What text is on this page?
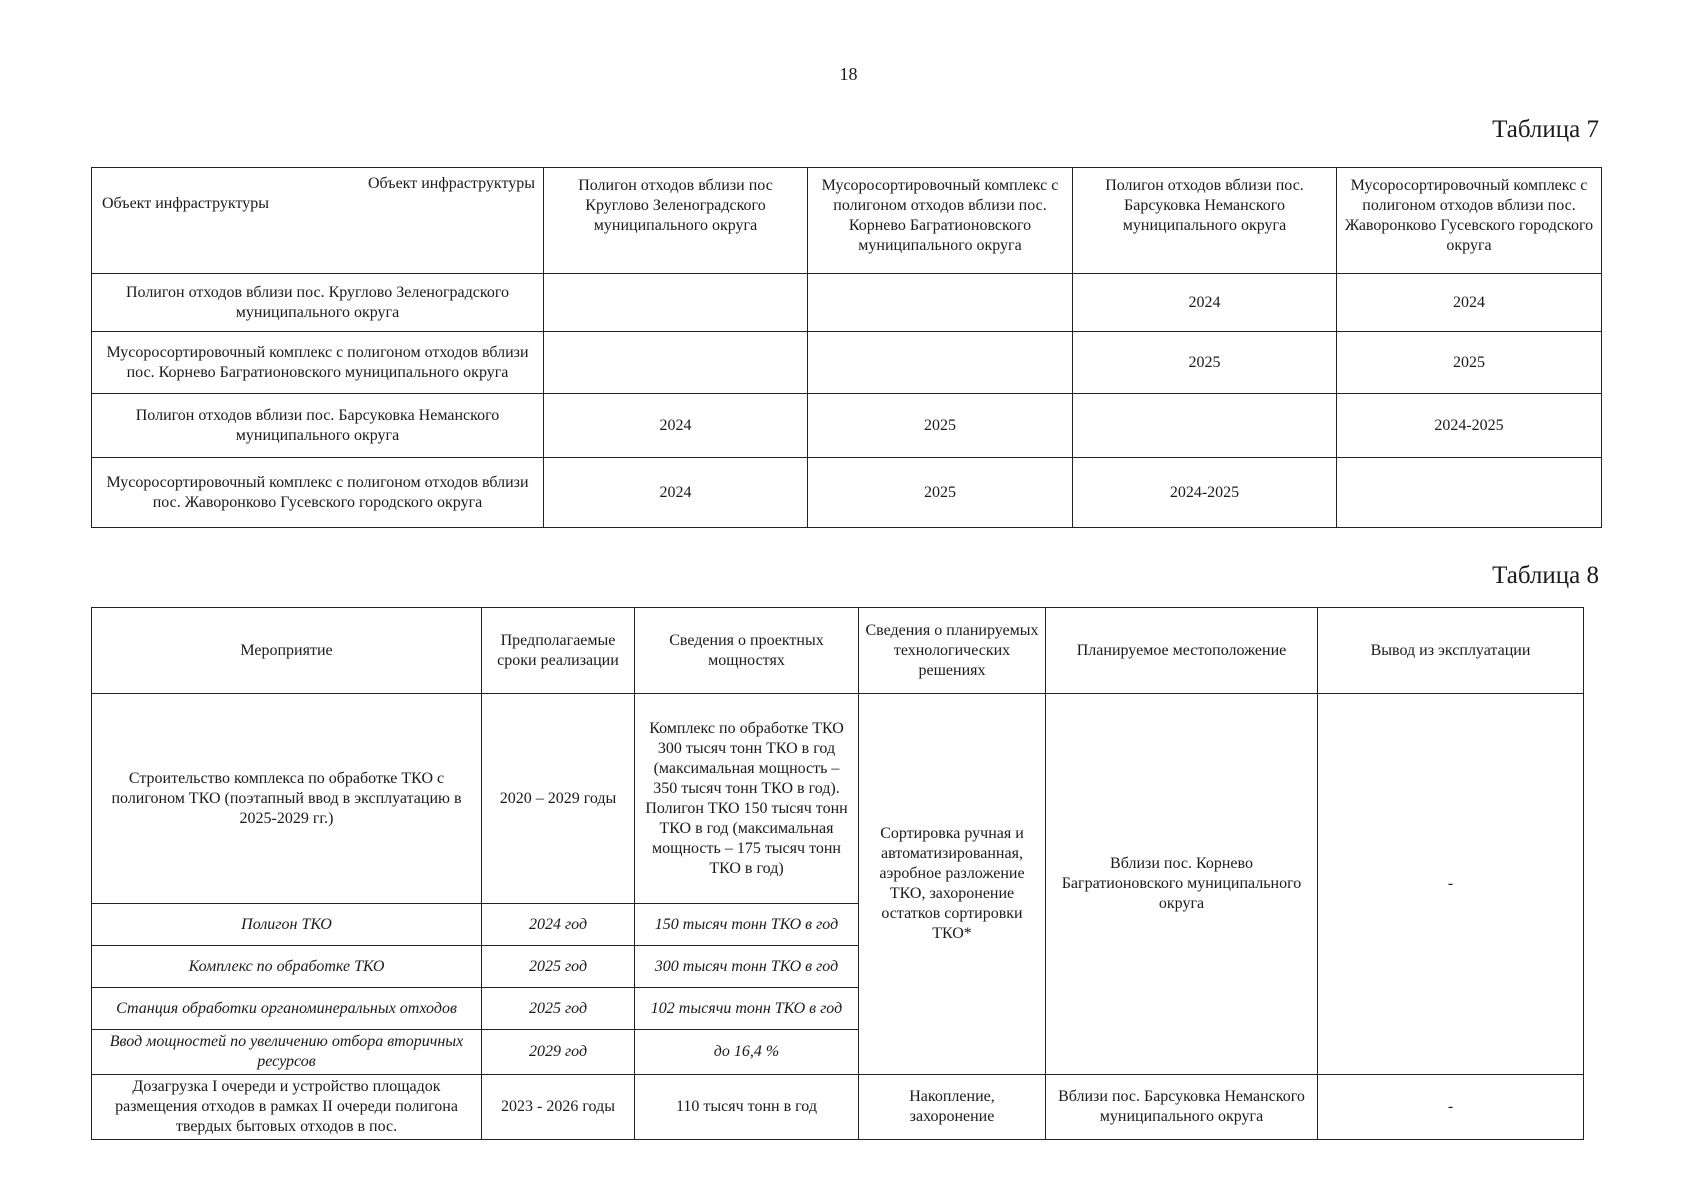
18
Таблица 7
Объект инфраструктуры
Объект инфраструктуры	Полигон отходов вблизи пос Круглово Зеленоградского муниципального округа	Мусоросортировочный комплекс с полигоном отходов вблизи пос. Корнево Багратионовского муниципального округа	Полигон отходов вблизи пос. Барсуковка Неманского муниципального округа	Мусоросортировочный комплекс с полигоном отходов вблизи пос. Жаворонково Гусевского городского округа
Полигон отходов вблизи пос. Круглово Зеленоградского муниципального округа			2024	2024
Мусоросортировочный комплекс с полигоном отходов вблизи пос. Корнево Багратионовского муниципального округа			2025	2025
Полигон отходов вблизи пос. Барсуковка Неманского муниципального округа	2024	2025		2024-2025
Мусоросортировочный комплекс с полигоном отходов вблизи пос. Жаворонково Гусевского городского округа	2024	2025	2024-2025	
Таблица 8
Мероприятие	Предполагаемые сроки реализации	Сведения о проектных мощностях	Сведения о планируемых технологических решениях	Планируемое местоположение	Вывод из эксплуатации
Строительство комплекса по обработке ТКО с полигоном ТКО (поэтапный ввод в эксплуатацию в 2025-2029 гг.)	2020 – 2029 годы	Комплекс по обработке ТКО 300 тысяч тонн ТКО в год (максимальная мощность – 350 тысяч тонн ТКО в год). Полигон ТКО 150 тысяч тонн ТКО в год (максимальная мощность – 175 тысяч тонн ТКО в год)	Сортировка ручная и автоматизированная, аэробное разложение ТКО, захоронение остатков сортировки ТКО*	Вблизи пос. Корнево Багратионовского муниципального округа	-
Полигон ТКО	2024 год	150 тысяч тонн ТКО в год			
Комплекс по обработке ТКО	2025 год	300 тысяч тонн ТКО в год			
Станция обработки органоминеральных отходов	2025 год	102 тысячи тонн ТКО в год			
Ввод мощностей по увеличению отбора вторичных ресурсов	2029 год	до 16,4 %			
Дозагрузка I очереди и устройство площадок размещения отходов в рамках II очереди полигона твердых бытовых отходов в пос.	2023 - 2026 годы	110 тысяч тонн в год	Накопление, захоронение	Вблизи пос. Барсуковка Неманского муниципального округа	-
